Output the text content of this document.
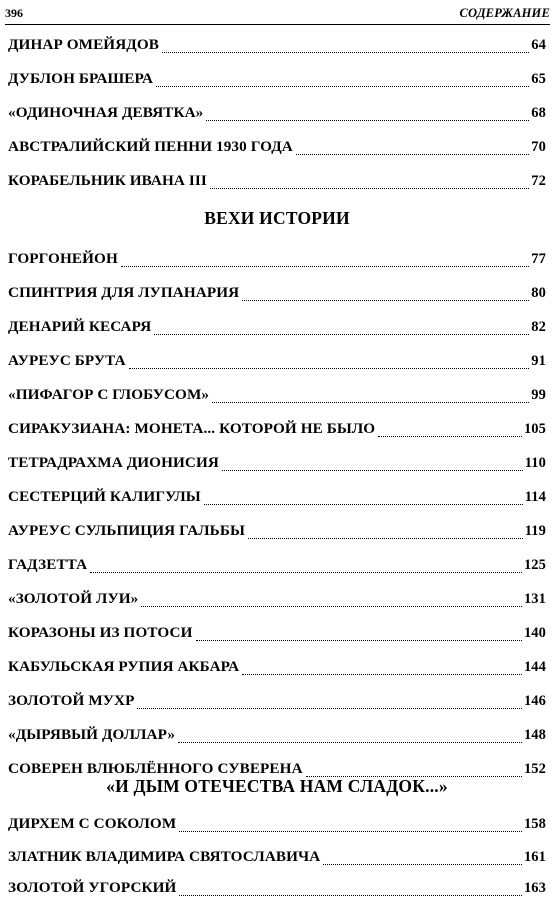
396	СОДЕРЖАНИЕ
ДИНАР ОМЕЙЯДОВ	64
ДУБЛОН БРАШЕРА	65
«ОДИНОЧНАЯ ДЕВЯТКА»	68
АВСТРАЛИЙСКИЙ ПЕННИ 1930 ГОДА	70
КОРАБЕЛЬНИК ИВАНА III	72
ВЕХИ ИСТОРИИ
ГОРГОНЕЙОН	77
СПИНТРИЯ ДЛЯ ЛУПАНАРИЯ	80
ДЕНАРИЙ КЕСАРЯ	82
АУРЕУС БРУТА	91
«ПИФАГОР С ГЛОБУСОМ»	99
СИРАКУЗИАНА: МОНЕТА... КОТОРОЙ НЕ БЫЛО	105
ТЕТРАДРАХМА ДИОНИСИЯ	110
СЕСТЕРЦИЙ КАЛИГУЛЫ	114
АУРЕУС СУЛЬПИЦИЯ ГАЛЬБЫ	119
ГАДЗЕТТА	125
«ЗОЛОТОЙ ЛУИ»	131
КОРАЗОНЫ ИЗ ПОТОСИ	140
КАБУЛЬСКАЯ РУПИЯ АКБАРА	144
ЗОЛОТОЙ МУХР	146
«ДЫРЯВЫЙ ДОЛЛАР»	148
СОВЕРЕН ВЛЮБЛЁННОГО СУВЕРЕНА	152
«И ДЫМ ОТЕЧЕСТВА НАМ СЛАДОК...»
ДИРХЕМ С СОКОЛОМ	158
ЗЛАТНИК ВЛАДИМИРА СВЯТОСЛАВИЧА	161
ЗОЛОТОЙ УГОРСКИЙ	163
